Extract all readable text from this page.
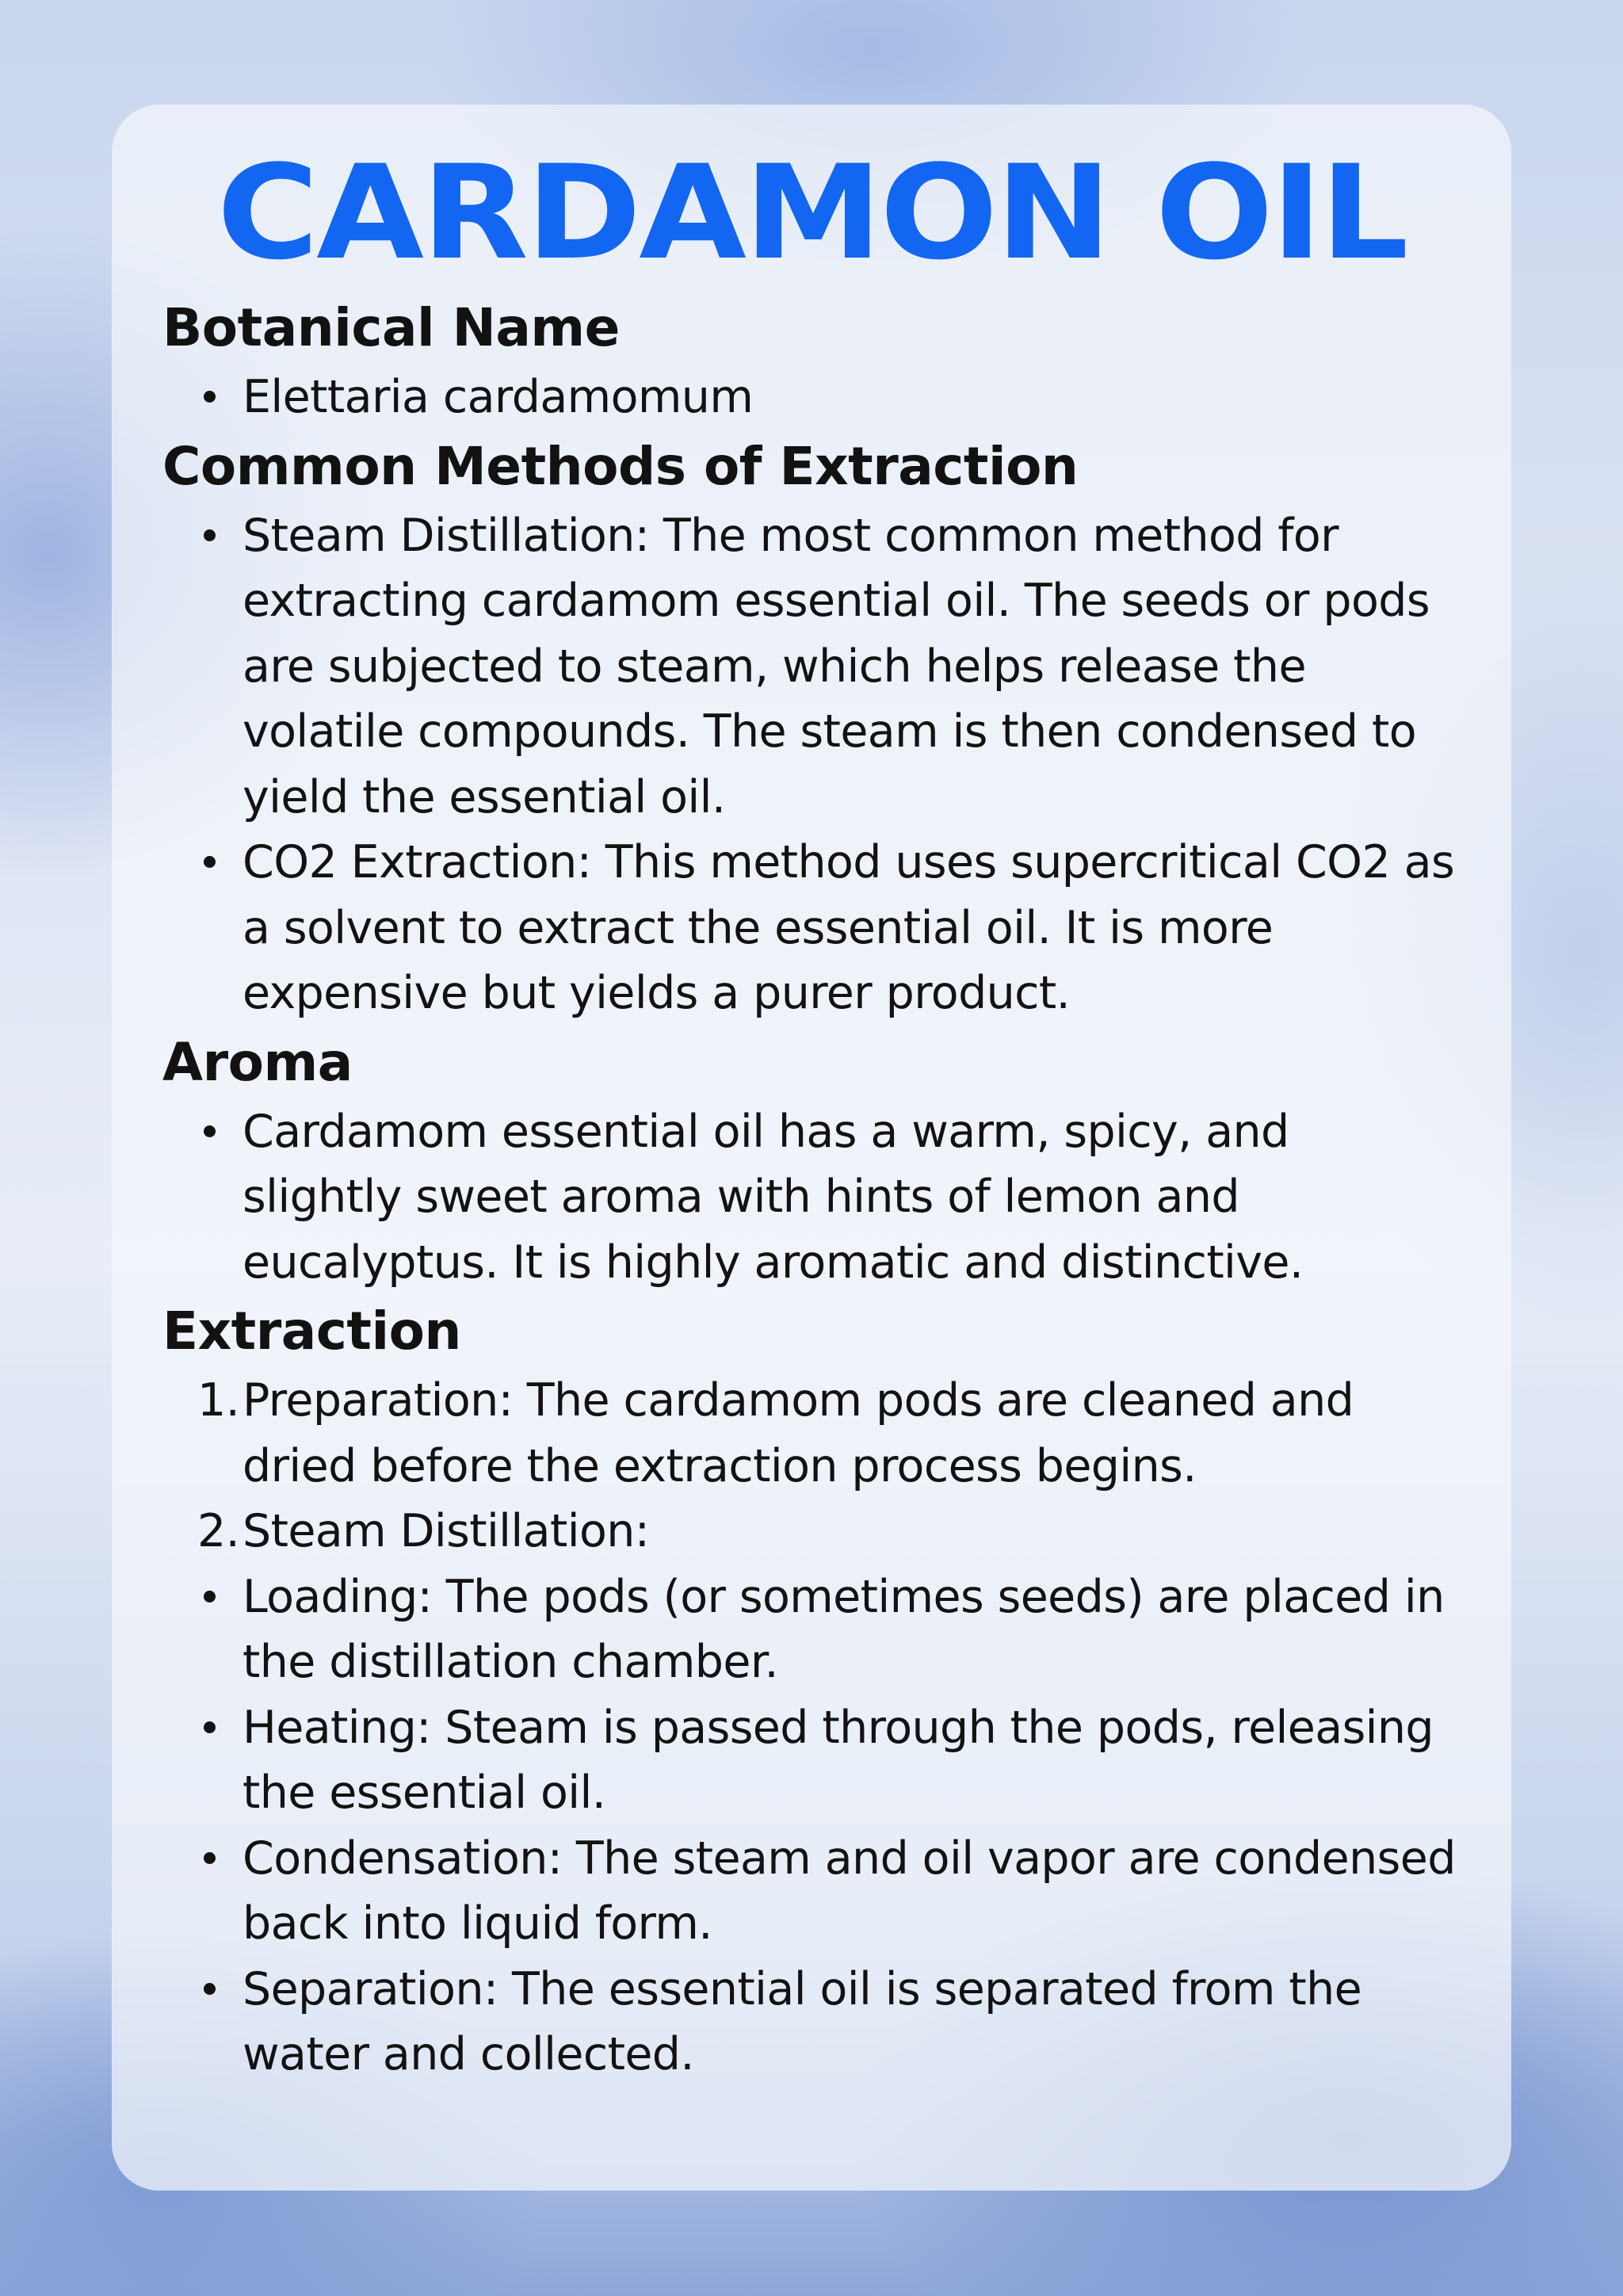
CARDAMON OIL
Botanical Name
Elettaria cardamomum
Common Methods of Extraction
Steam Distillation: The most common method for extracting cardamom essential oil. The seeds or pods are subjected to steam, which helps release the volatile compounds. The steam is then condensed to yield the essential oil.
CO2 Extraction: This method uses supercritical CO2 as a solvent to extract the essential oil. It is more expensive but yields a purer product.
Aroma
Cardamom essential oil has a warm, spicy, and slightly sweet aroma with hints of lemon and eucalyptus. It is highly aromatic and distinctive.
Extraction
1. Preparation: The cardamom pods are cleaned and dried before the extraction process begins.
2. Steam Distillation:
Loading: The pods (or sometimes seeds) are placed in the distillation chamber.
Heating: Steam is passed through the pods, releasing the essential oil.
Condensation: The steam and oil vapor are condensed back into liquid form.
Separation: The essential oil is separated from the water and collected.
